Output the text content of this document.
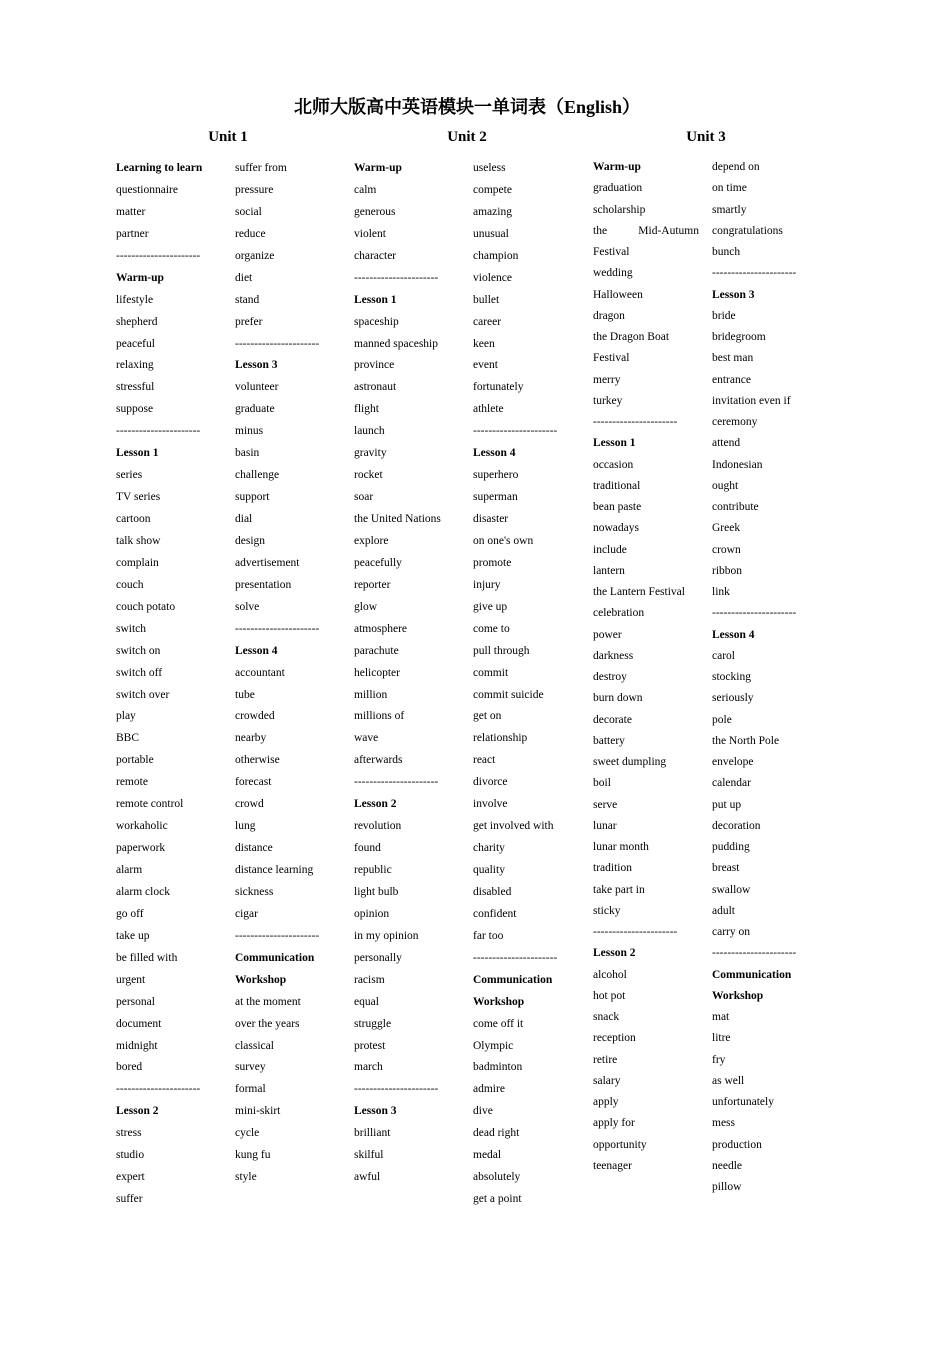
北师大版高中英语模块一单词表（English）
Unit 1	Unit 2	Unit 3
Learning to learn
questionnaire
matter
partner
----------------------
Warm-up
lifestyle
shepherd
peaceful
relaxing
stressful
suppose
----------------------
Lesson 1
series
TV series
cartoon
talk show
complain
couch
couch potato
switch
switch on
switch off
switch over
play
BBC
portable
remote
remote control
workaholic
paperwork
alarm
alarm clock
go off
take up
be filled with
urgent
personal
document
midnight
bored
----------------------
Lesson 2
stress
studio
expert
suffer
suffer from
pressure
social
reduce
organize
diet
stand
prefer
----------------------
Lesson 3
volunteer
graduate
minus
basin
challenge
support
dial
design
advertisement
presentation
solve
----------------------
Lesson 4
accountant
tube
crowded
nearby
otherwise
forecast
crowd
lung
distance
distance learning
sickness
cigar
----------------------
Communication
Workshop
at the moment
over the years
classical
survey
formal
mini-skirt
cycle
kung fu
style
Warm-up
calm
generous
violent
character
----------------------
Lesson 1
spaceship
manned spaceship
province
astronaut
flight
launch
gravity
rocket
soar
the United Nations
explore
peacefully
reporter
glow
atmosphere
parachute
helicopter
million
millions of
wave
afterwards
----------------------
Lesson 2
revolution
found
republic
light bulb
opinion
in my opinion
personally
racism
equal
struggle
protest
march
----------------------
Lesson 3
brilliant
skilful
awful
useless
compete
amazing
unusual
champion
violence
bullet
career
keen
event
fortunately
athlete
----------------------
Lesson 4
superhero
superman
disaster
on one's own
promote
injury
give up
come to
pull through
commit
commit suicide
get on
relationship
react
divorce
involve
get involved with
charity
quality
disabled
confident
far too
----------------------
Communication
Workshop
come off it
Olympic
badminton
admire
dive
dead right
medal
absolutely
get a point
Warm-up
graduation
scholarship
the	Mid-Autumn
Festival
wedding
Halloween
dragon
the Dragon Boat
Festival
merry
turkey
----------------------
Lesson 1
occasion
traditional
bean paste
nowadays
include
lantern
the Lantern Festival
celebration
power
darkness
destroy
burn down
decorate
battery
sweet dumpling
boil
serve
lunar
lunar month
tradition
take part in
sticky
----------------------
Lesson 2
alcohol
hot pot
snack
reception
retire
salary
apply
apply for
opportunity
teenager
depend on
on time
smartly
congratulations
bunch
----------------------
Lesson 3
bride
bridegroom
best man
entrance
invitation even if
ceremony
attend
Indonesian
ought
contribute
Greek
crown
ribbon
link
----------------------
Lesson 4
carol
stocking
seriously
pole
the North Pole
envelope
calendar
put up
decoration
pudding
breast
swallow
adult
carry on
----------------------
Communication
Workshop
mat
litre
fry
as well
unfortunately
mess
production
needle
pillow
